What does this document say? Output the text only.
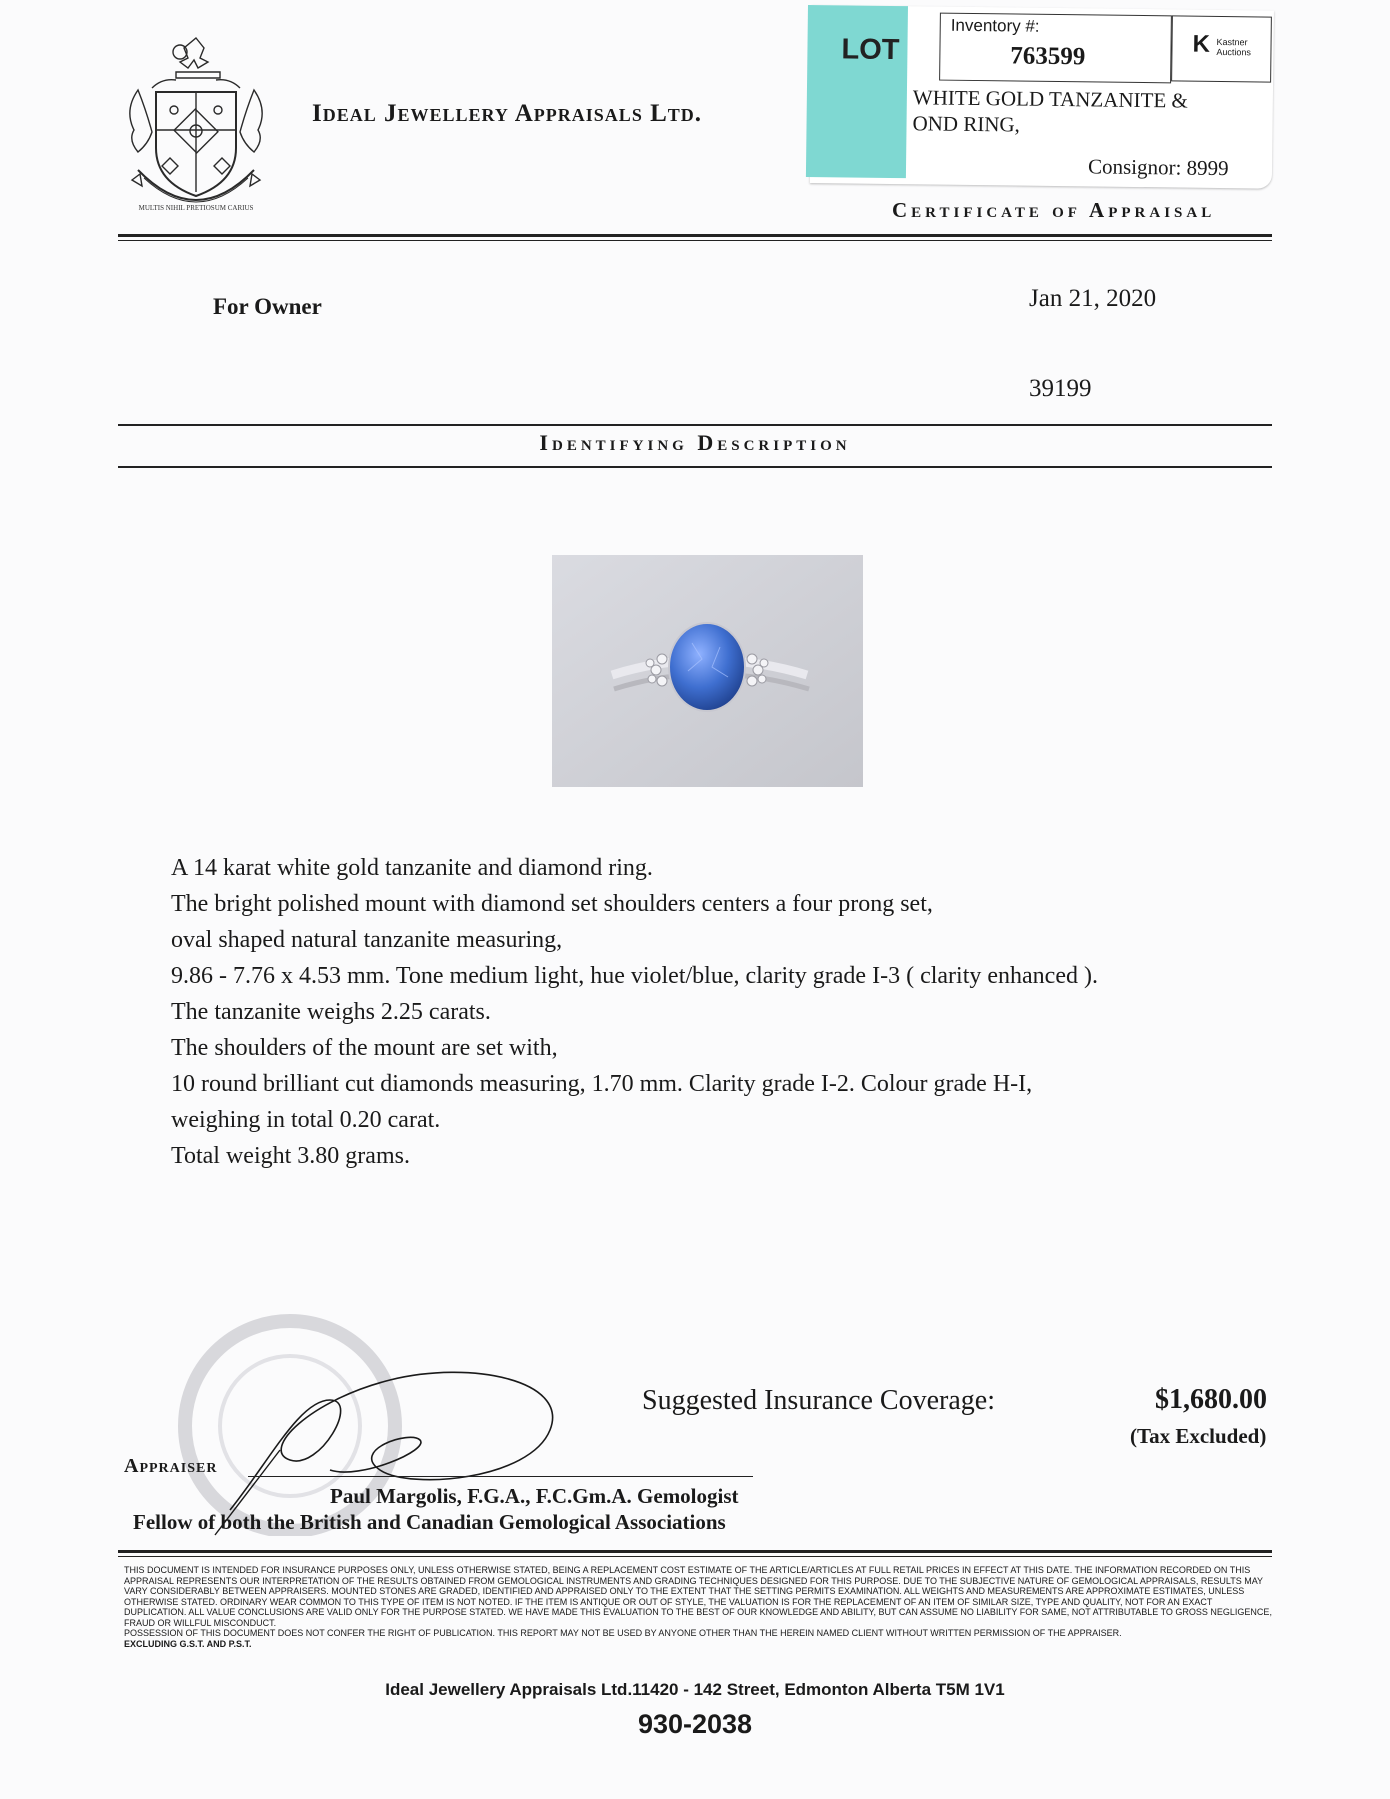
MULTIS NIHIL PRETIOSUM CARIUS
Ideal Jewellery Appraisals Ltd.
Certificate of Appraisal
LOT
Inventory #:
763599	K Kastner Auctions
WHITE GOLD TANZANITE &
OND RING,
Consignor: 8999
For Owner	Jan 21, 2020
39199
Identifying Description
A 14 karat white gold tanzanite and diamond ring.
The bright polished mount with diamond set shoulders centers a four prong set,
oval shaped natural tanzanite measuring,
9.86 - 7.76 x 4.53 mm. Tone medium light, hue violet/blue, clarity grade I-3 ( clarity enhanced ).
The tanzanite weighs 2.25 carats.
The shoulders of the mount are set with,
10 round brilliant cut diamonds measuring, 1.70 mm. Clarity grade I-2. Colour grade H-I,
weighing in total 0.20 carat.
Total weight 3.80 grams.
Suggested Insurance Coverage:	$1,680.00
(Tax Excluded)
Appraiser
Paul Margolis, F.G.A., F.C.Gm.A. Gemologist
Fellow of both the British and Canadian Gemological Associations

THIS DOCUMENT IS INTENDED FOR INSURANCE PURPOSES ONLY, UNLESS OTHERWISE STATED, BEING A REPLACEMENT COST ESTIMATE OF THE ARTICLE/ARTICLES AT FULL RETAIL PRICES IN EFFECT AT THIS DATE. THE INFORMATION RECORDED ON THIS APPRAISAL REPRESENTS OUR INTERPRETATION OF THE RESULTS OBTAINED FROM GEMOLOGICAL INSTRUMENTS AND GRADING TECHNIQUES DESIGNED FOR THIS PURPOSE. DUE TO THE SUBJECTIVE NATURE OF GEMOLOGICAL APPRAISALS, RESULTS MAY VARY CONSIDERABLY BETWEEN APPRAISERS. MOUNTED STONES ARE GRADED, IDENTIFIED AND APPRAISED ONLY TO THE EXTENT THAT THE SETTING PERMITS EXAMINATION. ALL WEIGHTS AND MEASUREMENTS ARE APPROXIMATE ESTIMATES, UNLESS OTHERWISE STATED. ORDINARY WEAR COMMON TO THIS TYPE OF ITEM IS NOT NOTED. IF THE ITEM IS ANTIQUE OR OUT OF STYLE, THE VALUATION IS FOR THE REPLACEMENT OF AN ITEM OF SIMILAR SIZE, TYPE AND QUALITY, NOT FOR AN EXACT DUPLICATION. ALL VALUE CONCLUSIONS ARE VALID ONLY FOR THE PURPOSE STATED. WE HAVE MADE THIS EVALUATION TO THE BEST OF OUR KNOWLEDGE AND ABILITY, BUT CAN ASSUME NO LIABILITY FOR SAME, NOT ATTRIBUTABLE TO GROSS NEGLIGENCE, FRAUD OR WILLFUL MISCONDUCT.

POSSESSION OF THIS DOCUMENT DOES NOT CONFER THE RIGHT OF PUBLICATION. THIS REPORT MAY NOT BE USED BY ANYONE OTHER THAN THE HEREIN NAMED CLIENT WITHOUT WRITTEN PERMISSION OF THE APPRAISER.

EXCLUDING G.S.T. AND P.S.T.

Ideal Jewellery Appraisals Ltd.11420 - 142 Street, Edmonton Alberta T5M 1V1
930-2038
